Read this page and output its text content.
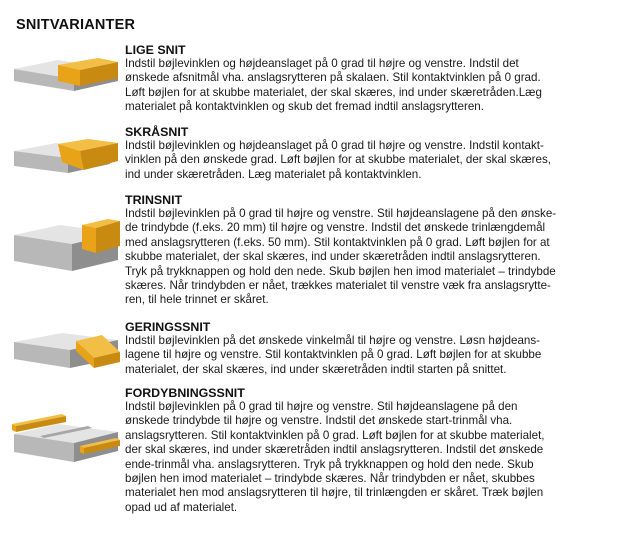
SNITVARIANTER
LIGE SNIT
Indstil bøjlevinklen og højdeanslaget på 0 grad til højre og venstre. Indstil det
ønskede afsnitmål vha. anslagsrytteren på skalaen. Stil kontaktvinklen på 0 grad.
Løft bøjlen for at skubbe materialet, der skal skæres, ind under skæretråden.Læg
materialet på kontaktvinklen og skub det fremad indtil anslagsrytteren.
SKRÅSNIT
Indstil bøjlevinklen og højdeanslaget på 0 grad til højre og venstre. Indstil kontakt-
vinklen på den ønskede grad. Løft bøjlen for at skubbe materialet, der skal skæres,
ind under skæretråden. Læg materialet på kontaktvinklen.
TRINSNIT
Indstil bøjlevinklen på 0 grad til højre og venstre. Stil højdeanslagene på den ønske-
de trindybde (f.eks. 20 mm) til højre og venstre. Indstil det ønskede trinlængdemål
med anslagsrytteren (f.eks. 50 mm). Stil kontaktvinklen på 0 grad. Løft bøjlen for at
skubbe materialet, der skal skæres, ind under skæretråden indtil anslagsrytteren.
Tryk på trykknappen og hold den nede. Skub bøjlen hen imod materialet – trindybde
skæres. Når trindybden er nået, trækkes materialet til venstre væk fra anslagsrytte-
ren, til hele trinnet er skåret.
GERINGSSNIT
Indstil bøjlevinklen på det ønskede vinkelmål til højre og venstre. Løsn højdeans-
lagene til højre og venstre. Stil kontaktvinklen på 0 grad. Løft bøjlen for at skubbe
materialet, der skal skæres, ind under skæretråden indtil starten på snittet.
FORDYBNINGSSNIT
Indstil bøjlevinklen på 0 grad til højre og venstre. Stil højdeanslagene på den
ønskede trindybde til højre og venstre. Indstil det ønskede start-trinmål vha.
anslagsrytteren. Stil kontaktvinklen på 0 grad. Løft bøjlen for at skubbe materialet,
der skal skæres, ind under skæretråden indtil anslagsrytteren. Indstil det ønskede
ende-trinmål vha. anslagsrytteren. Tryk på trykknappen og hold den nede. Skub
bøjlen hen imod materialet – trindybde skæres. Når trindybden er nået, skubbes
materialet hen mod anslagsrytteren til højre, til trinlængden er skåret. Træk bøjlen
opad ud af materialet.
